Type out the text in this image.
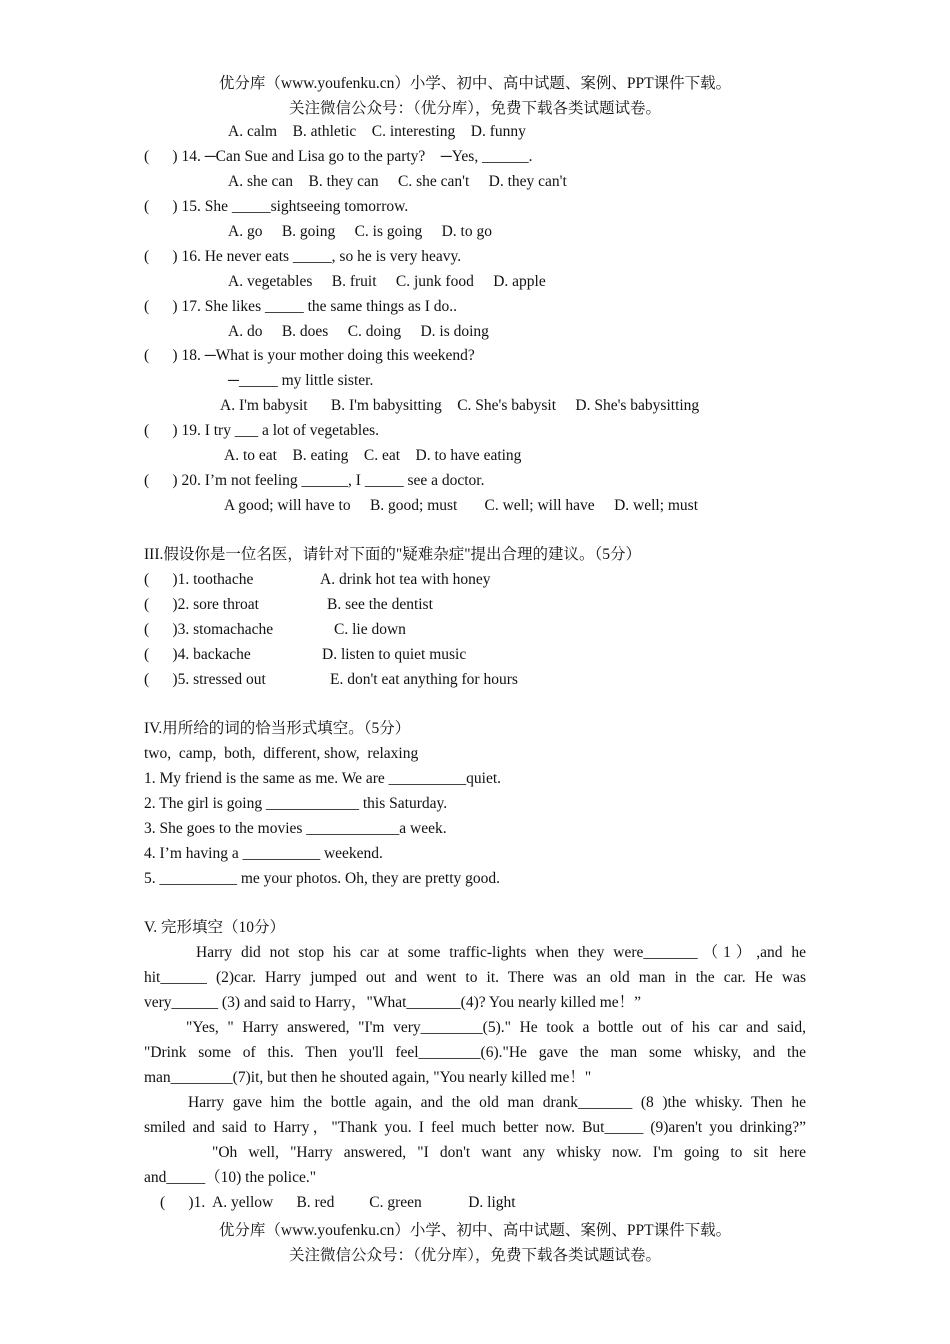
优分库（www.youfenku.cn）小学、初中、高中试题、案例、PPT课件下载。
关注微信公众号：（优分库），免费下载各类试题试卷。
A. calm    B. athletic    C. interesting    D. funny
(      ) 14. ─Can Sue and Lisa go to the party?    ─Yes, ______.
A. she can    B. they can     C. she can't     D. they can't
(      ) 15. She _____sightseeing tomorrow.
A. go     B. going     C. is going     D. to go
(      ) 16. He never eats _____, so he is very heavy.
A. vegetables     B. fruit     C. junk food     D. apple
(      ) 17. She likes _____ the same things as I do..
A. do     B. does     C. doing     D. is doing
(      ) 18. ─What is your mother doing this weekend?
─_____ my little sister.
A. I'm babysit      B. I'm babysitting    C. She's babysit     D. She's babysitting
(      ) 19. I try ___ a lot of vegetables.
A. to eat    B. eating    C. eat    D. to have eating
(      ) 20. I’m not feeling ______, I _____ see a doctor.
A good; will have to     B. good; must       C. well; will have     D. well; must
III.假设你是一位名医，请针对下面的"疑难杂症"提出合理的建议。（5分）
(      )1. toothache	A. drink hot tea with honey
(      )2. sore throat	B. see the dentist
(      )3. stomachache	C. lie down
(      )4. backache	D. listen to quiet music
(      )5. stressed out	E. don't eat anything for hours
IV.用所给的词的恰当形式填空。（5分）
two,  camp,  both,  different, show,  relaxing
1. My friend is the same as me. We are __________quiet.
2. The girl is going ____________ this Saturday.
3. She goes to the movies ____________a week.
4. I’m having a __________ weekend.
5. __________ me your photos. Oh, they are pretty good.
V. 完形填空（10分）
Harry did not stop his car at some traffic-lights when they were_______（1）,and he
hit______ (2)car. Harry jumped out and went to it. There was an old man in the car. He was
very______ (3) and said to Harry，"What_______(4)? You nearly killed me！”
"Yes, " Harry answered, "I'm very________(5)." He took a bottle out of his car and said,
"Drink some of this. Then you'll feel________(6)."He gave the man some whisky, and the
man________(7)it, but then he shouted again, "You nearly killed me！"
Harry gave him the bottle again, and the old man drank_______ (8 )the whisky. Then he
smiled and said to Harry，"Thank you. I feel much better now. But_____ (9)aren't you drinking?”
"Oh well, "Harry answered, "I don't want any whisky now. I'm going to sit here
and_____（10) the police."
(      )1.  A. yellow      B. red         C. green            D. light
优分库（www.youfenku.cn）小学、初中、高中试题、案例、PPT课件下载。
关注微信公众号：（优分库），免费下载各类试题试卷。
